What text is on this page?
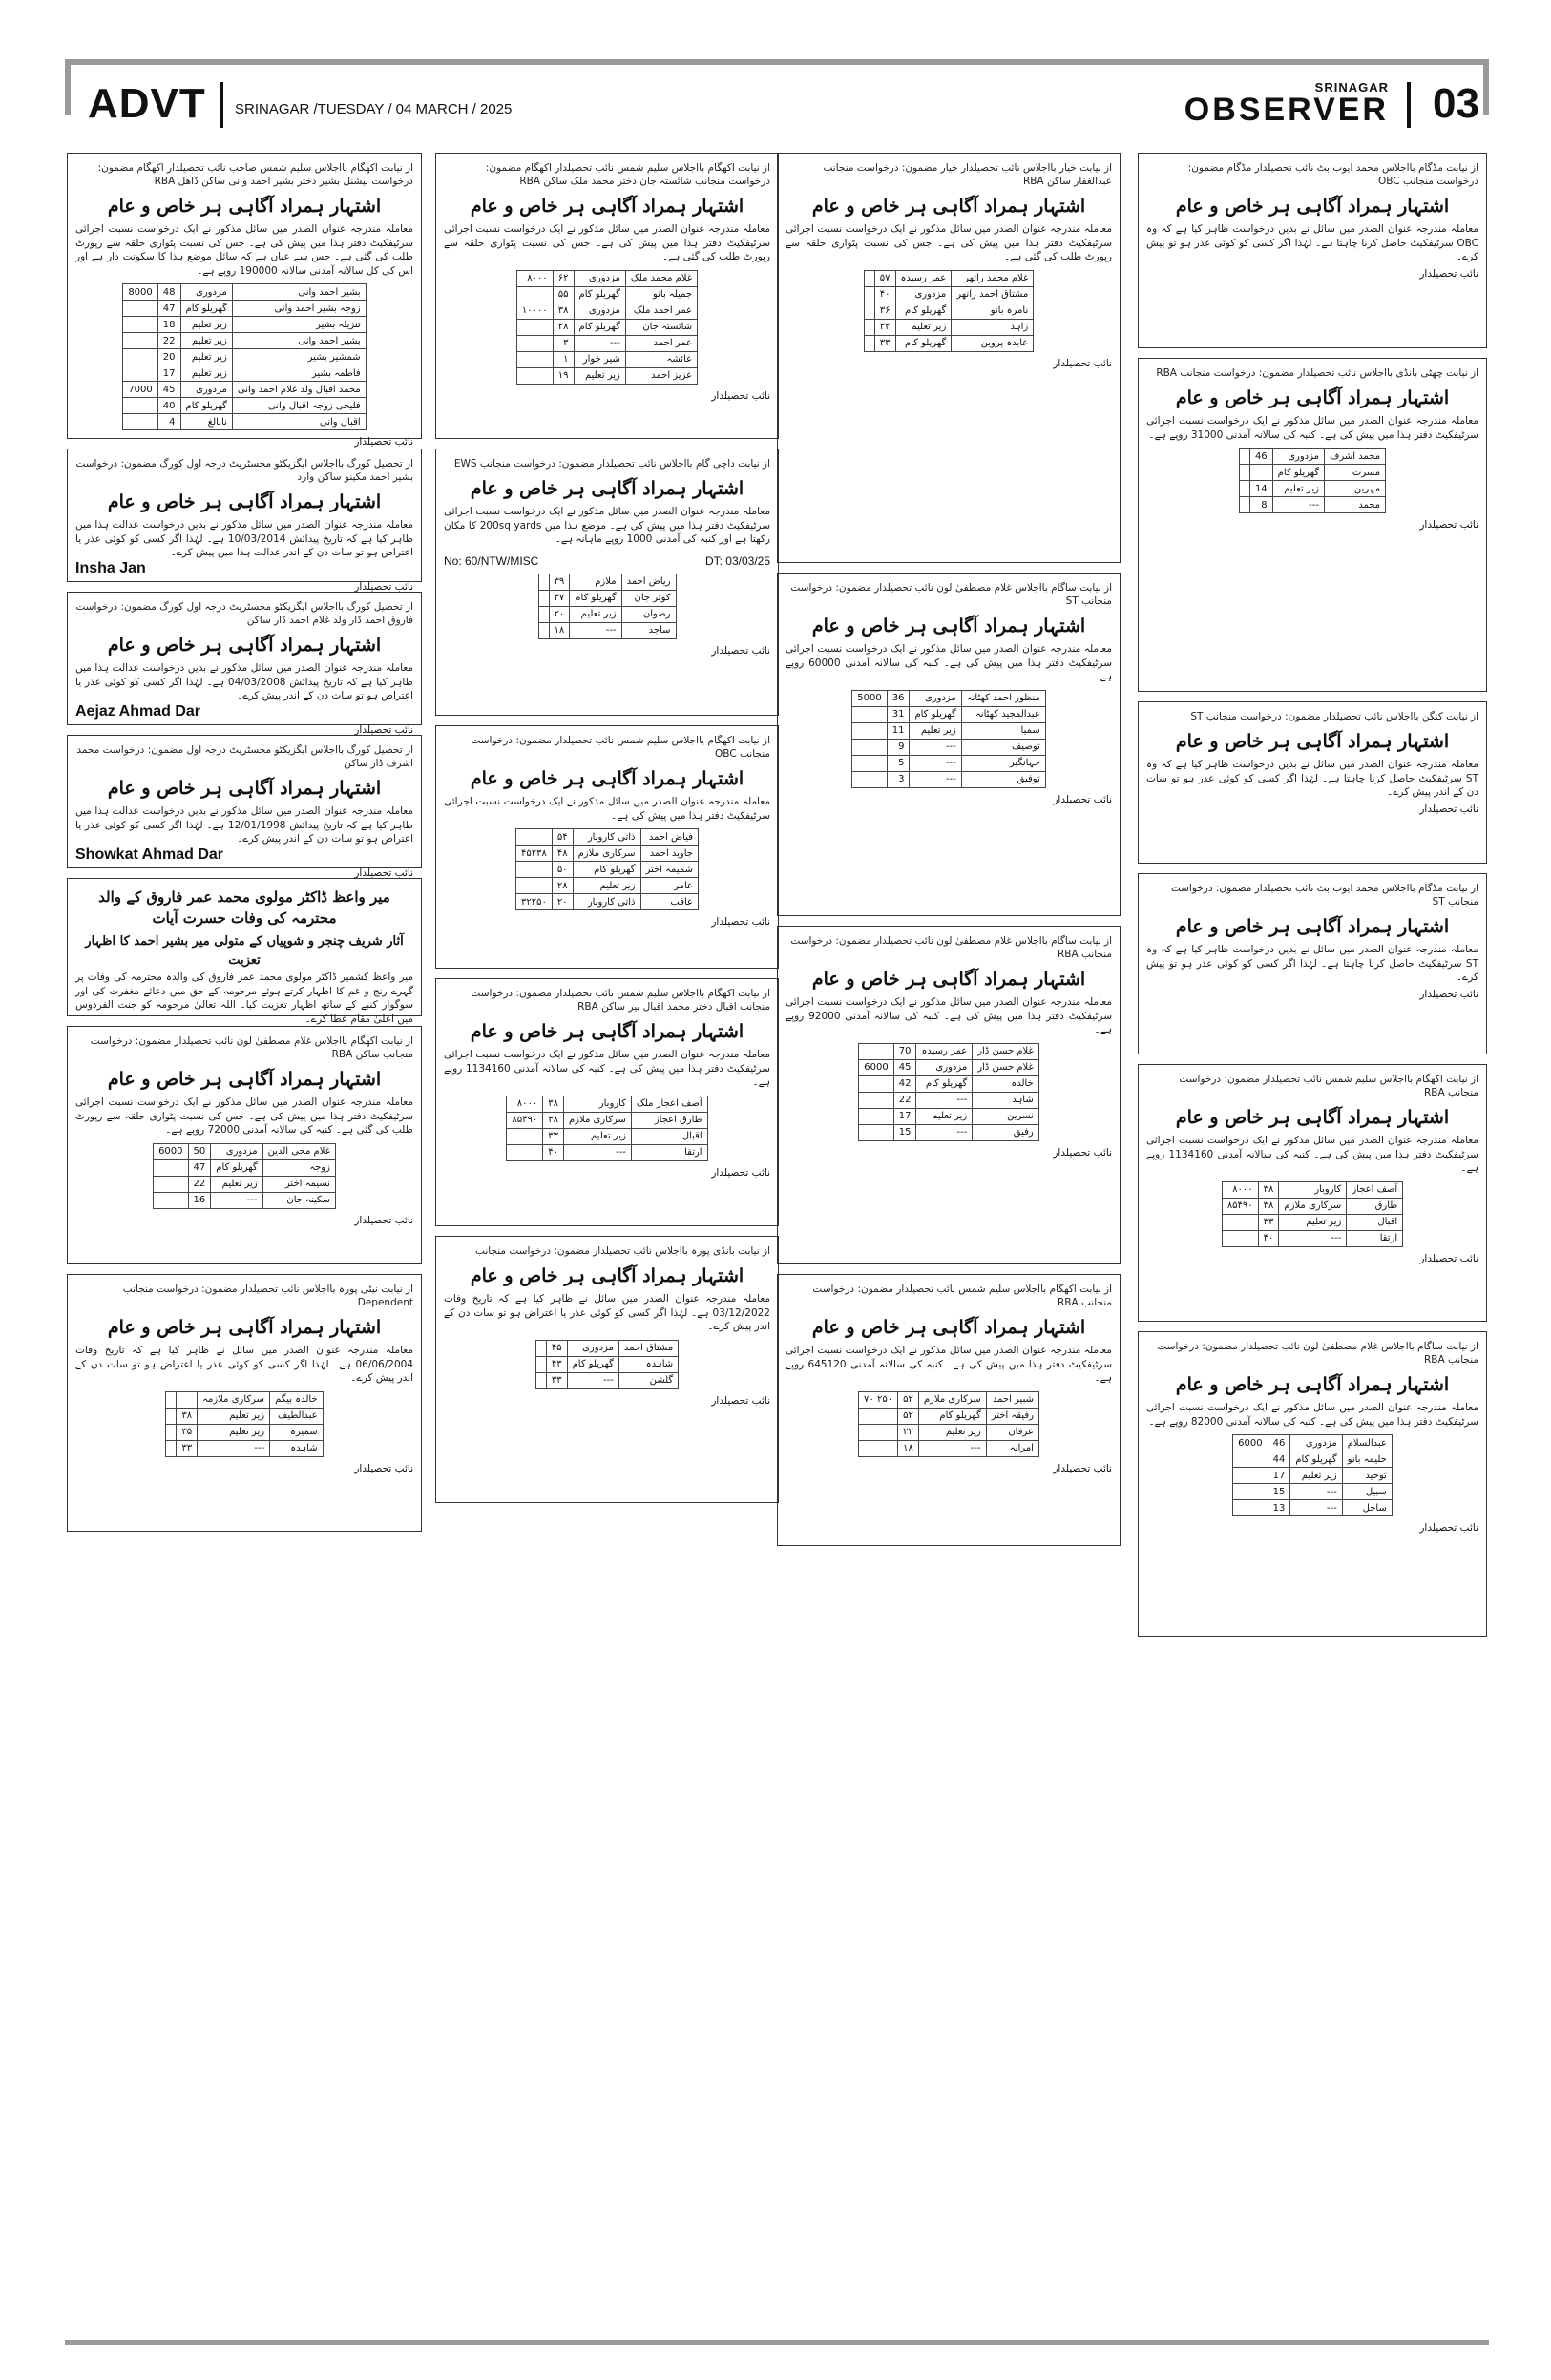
ADVT SRINAGAR /TUESDAY / 04 MARCH / 2025
SRINAGAR
OBSERVER 03
از نیابت اکھگام بااجلاس سلیم شمس صاحب نائب تحصیلدار اکھگام مضمون: درخواست نیشنل بشیر دختر بشیر احمد وانی ساکن ڈاھل RBA
اشتہار ہمراد آگاہی ہر خاص و عام
معاملہ مندرجہ عنوان الصدر میں سائل مذکور نے ایک درخواست نسبت اجرائی سرٹیفکیٹ دفتر ہذا میں پیش کی ہے۔ جس کی نسبت پٹواری حلقہ سے رپورٹ طلب کی گئی ہے۔ جس سے عیاں ہے کہ سائل موضع ہذا کا سکونت دار ہے اور اس کی کل سالانہ آمدنی سالانہ 190000 روپے ہے۔
بشیر احمد وانی	مزدوری	48	8000
زوجہ بشیر احمد وانی	گھریلو کام	47	
تنزیلہ بشیر	زیر تعلیم	18	
بشیر احمد وانی	زیر تعلیم	22	
شمشیر بشیر	زیر تعلیم	20	
فاطمہ بشیر	زیر تعلیم	17	
محمد اقبال ولد غلام احمد وانی	مزدوری	45	7000
فلیحی زوجہ اقبال وانی	گھریلو کام	40	
اقبال وانی	نابالغ	4	
نائب تحصیلدار
از تحصیل کورگ بااجلاس ایگزیکٹو مجسٹریٹ درجہ اول کورگ مضمون: درخواست بشیر احمد مکینو ساکن وارد
اشتہار ہمراد آگاہی ہر خاص و عام
معاملہ مندرجہ عنوان الصدر میں سائل مذکور نے بدیں درخواست عدالت ہذا میں ظاہر کیا ہے کہ تاریخ پیدائش 10/03/2014 ہے۔ لہٰذا اگر کسی کو کوئی عذر یا اعتراض ہو تو سات دن کے اندر عدالت ہذا میں پیش کرے۔
Insha Jan
نائب تحصیلدار
از تحصیل کورگ بااجلاس ایگزیکٹو مجسٹریٹ درجہ اول کورگ مضمون: درخواست فاروق احمد ڈار ولد غلام احمد ڈار ساکن
اشتہار ہمراد آگاہی ہر خاص و عام
معاملہ مندرجہ عنوان الصدر میں سائل مذکور نے بدیں درخواست عدالت ہذا میں ظاہر کیا ہے کہ تاریخ پیدائش 04/03/2008 ہے۔ لہٰذا اگر کسی کو کوئی عذر یا اعتراض ہو تو سات دن کے اندر پیش کرے۔
Aejaz Ahmad Dar
نائب تحصیلدار
از تحصیل کورگ بااجلاس ایگزیکٹو مجسٹریٹ درجہ اول مضمون: درخواست محمد اشرف ڈار ساکن
اشتہار ہمراد آگاہی ہر خاص و عام
معاملہ مندرجہ عنوان الصدر میں سائل مذکور نے بدیں درخواست عدالت ہذا میں ظاہر کیا ہے کہ تاریخ پیدائش 12/01/1998 ہے۔ لہٰذا اگر کسی کو کوئی عذر یا اعتراض ہو تو سات دن کے اندر پیش کرے۔
Showkat Ahmad Dar
نائب تحصیلدار
میر واعظ ڈاکٹر مولوی محمد عمر فاروق کے والد محترمہ کی وفات حسرت آیات
آثار شریف چنجر و شوپیاں کے متولی میر بشیر احمد کا اظہار تعزیت
میر واعظ کشمیر ڈاکٹر مولوی محمد عمر فاروق کی والدہ محترمہ کی وفات پر گہرے رنج و غم کا اظہار کرتے ہوئے مرحومہ کے حق میں دعائے مغفرت کی اور سوگوار کنبے کے ساتھ اظہار تعزیت کیا۔ اللہ تعالیٰ مرحومہ کو جنت الفردوس میں اعلیٰ مقام عطا کرے۔
از نیابت اکھگام بااجلاس غلام مصطفیٰ لون نائب تحصیلدار مضمون: درخواست منجانب ساکن RBA
اشتہار ہمراد آگاہی ہر خاص و عام
معاملہ مندرجہ عنوان الصدر میں سائل مذکور نے ایک درخواست نسبت اجرائی سرٹیفکیٹ دفتر ہذا میں پیش کی ہے۔ جس کی نسبت پٹواری حلقہ سے رپورٹ طلب کی گئی ہے۔ کنبہ کی سالانہ آمدنی 72000 روپے ہے۔
غلام محی الدین	مزدوری	50	6000
زوجہ	گھریلو کام	47	
نسیمہ اختر	زیر تعلیم	22	
سکینہ جان	---	16	
نائب تحصیلدار
از نیابت نیٹی پورہ بااجلاس نائب تحصیلدار مضمون: درخواست منجانب Dependent
اشتہار ہمراد آگاہی ہر خاص و عام
معاملہ مندرجہ عنوان الصدر میں سائل نے ظاہر کیا ہے کہ تاریخ وفات 06/06/2004 ہے۔ لہٰذا اگر کسی کو کوئی عذر یا اعتراض ہو تو سات دن کے اندر پیش کرے۔
خالدہ بیگم	سرکاری ملازمہ		
عبدالطیف	زیر تعلیم	۳۸	
سمیرہ	زیر تعلیم	۳۵	
شاہدہ	---	۳۳	
نائب تحصیلدار
از نیابت اکھگام بااجلاس سلیم شمس نائب تحصیلدار اکھگام مضمون: درخواست منجانب شائستہ جان دختر محمد ملک ساکن RBA
اشتہار ہمراد آگاہی ہر خاص و عام
معاملہ مندرجہ عنوان الصدر میں سائل مذکور نے ایک درخواست نسبت اجرائی سرٹیفکیٹ دفتر ہذا میں پیش کی ہے۔ جس کی نسبت پٹواری حلقہ سے رپورٹ طلب کی گئی ہے۔
غلام محمد ملک	مزدوری	۶۲	۸۰۰۰
جمیلہ بانو	گھریلو کام	۵۵	
عمر احمد ملک	مزدوری	۳۸	۱۰۰۰۰
شائستہ جان	گھریلو کام	۲۸	
عمر احمد	---	۳	
عائشہ	شیر خوار	۱	
عزیز احمد	زیر تعلیم	۱۹	
نائب تحصیلدار
از نیابت داچی گام بااجلاس نائب تحصیلدار مضمون: درخواست منجانب EWS
اشتہار ہمراد آگاہی ہر خاص و عام
معاملہ مندرجہ عنوان الصدر میں سائل مذکور نے ایک درخواست نسبت اجرائی سرٹیفکیٹ دفتر ہذا میں پیش کی ہے۔ موضع ہذا میں 200sq yards کا مکان رکھتا ہے اور کنبہ کی آمدنی 1000 روپے ماہانہ ہے۔
No: 60/NTW/MISC	DT: 03/03/25
ریاض احمد	ملازم	۳۹	
کوثر جان	گھریلو کام	۳۷	
رضوان	زیر تعلیم	۲۰	
ساجد	---	۱۸	
نائب تحصیلدار
از نیابت اکھگام بااجلاس سلیم شمس نائب تحصیلدار مضمون: درخواست منجانب OBC
اشتہار ہمراد آگاہی ہر خاص و عام
معاملہ مندرجہ عنوان الصدر میں سائل مذکور نے ایک درخواست نسبت اجرائی سرٹیفکیٹ دفتر ہذا میں پیش کی ہے۔
فیاض احمد	ذاتی کاروبار	۵۴	
جاوید احمد	سرکاری ملازم	۴۸	۴۵۲۳۸
شمیمہ اختر	گھریلو کام	۵۰	
عامر	زیر تعلیم	۲۸	
عاقب	ذاتی کاروبار	۲۰	۳۲۲۵۰
نائب تحصیلدار
از نیابت اکھگام بااجلاس سلیم شمس نائب تحصیلدار مضمون: درخواست منجانب اقبال دختر محمد اقبال بیر ساکن RBA
اشتہار ہمراد آگاہی ہر خاص و عام
معاملہ مندرجہ عنوان الصدر میں سائل مذکور نے ایک درخواست نسبت اجرائی سرٹیفکیٹ دفتر ہذا میں پیش کی ہے۔ کنبہ کی سالانہ آمدنی 1134160 روپے ہے۔
آصف اعجاز ملک	کاروبار	۳۸	۸۰۰۰
طارق اعجاز	سرکاری ملازم	۳۸	۸۵۴۹۰
اقبال	زیر تعلیم	۳۳	
ارتقا	---	۴۰	
نائب تحصیلدار
از نیابت بانڈی پورہ بااجلاس نائب تحصیلدار مضمون: درخواست منجانب
اشتہار ہمراد آگاہی ہر خاص و عام
معاملہ مندرجہ عنوان الصدر میں سائل نے ظاہر کیا ہے کہ تاریخ وفات 03/12/2022 ہے۔ لہٰذا اگر کسی کو کوئی عذر یا اعتراض ہو تو سات دن کے اندر پیش کرے۔
مشتاق احمد	مزدوری	۴۵	
شاہدہ	گھریلو کام	۴۳	
گلشن	---	۳۳	
نائب تحصیلدار
از نیابت خیار بااجلاس نائب تحصیلدار خیار مضمون: درخواست منجانب عبدالغفار ساکن RBA
اشتہار ہمراد آگاہی ہر خاص و عام
معاملہ مندرجہ عنوان الصدر میں سائل مذکور نے ایک درخواست نسبت اجرائی سرٹیفکیٹ دفتر ہذا میں پیش کی ہے۔ جس کی نسبت پٹواری حلقہ سے رپورٹ طلب کی گئی ہے۔
غلام محمد راتھر	عمر رسیدہ	۵۷	
مشتاق احمد راتھر	مزدوری	۴۰	
نامرہ بانو	گھریلو کام	۳۶	
زاہد	زیر تعلیم	۳۲	
عابدہ پروین	گھریلو کام	۳۳	
نائب تحصیلدار
از نیابت ساگام بااجلاس غلام مصطفیٰ لون نائب تحصیلدار مضمون: درخواست منجانب ST
اشتہار ہمراد آگاہی ہر خاص و عام
معاملہ مندرجہ عنوان الصدر میں سائل مذکور نے ایک درخواست نسبت اجرائی سرٹیفکیٹ دفتر ہذا میں پیش کی ہے۔ کنبہ کی سالانہ آمدنی 60000 روپے ہے۔
منظور احمد کھٹانہ	مزدوری	36	5000
عبدالمجید کھٹانہ	گھریلو کام	31	
سمیا	زیر تعلیم	11	
توصیف	---	9	
جہانگیر	---	5	
توفیق	---	3	
نائب تحصیلدار
از نیابت ساگام بااجلاس غلام مصطفیٰ لون نائب تحصیلدار مضمون: درخواست منجانب RBA
اشتہار ہمراد آگاہی ہر خاص و عام
معاملہ مندرجہ عنوان الصدر میں سائل مذکور نے ایک درخواست نسبت اجرائی سرٹیفکیٹ دفتر ہذا میں پیش کی ہے۔ کنبہ کی سالانہ آمدنی 92000 روپے ہے۔
غلام حسن ڈار	عمر رسیدہ	70	
غلام حسن ڈار	مزدوری	45	6000
خالدہ	گھریلو کام	42	
شاہد	---	22	
نسرین	زیر تعلیم	17	
رفیق	---	15	
نائب تحصیلدار
از نیابت اکھگام بااجلاس سلیم شمس نائب تحصیلدار مضمون: درخواست منجانب RBA
اشتہار ہمراد آگاہی ہر خاص و عام
معاملہ مندرجہ عنوان الصدر میں سائل مذکور نے ایک درخواست نسبت اجرائی سرٹیفکیٹ دفتر ہذا میں پیش کی ہے۔ کنبہ کی سالانہ آمدنی 645120 روپے ہے۔
شبیر احمد	سرکاری ملازم	۵۲	۲۵۰ ۷۰
رفیقہ اختر	گھریلو کام	۵۲	
عرفان	زیر تعلیم	۲۲	
امرانہ	---	۱۸	
نائب تحصیلدار
از نیابت مڈگام بااجلاس محمد ایوب بٹ نائب تحصیلدار مڈگام مضمون: درخواست منجانب OBC
اشتہار ہمراد آگاہی ہر خاص و عام
معاملہ مندرجہ عنوان الصدر میں سائل نے بدیں درخواست ظاہر کیا ہے کہ وہ OBC سرٹیفکیٹ حاصل کرنا چاہتا ہے۔ لہٰذا اگر کسی کو کوئی عذر ہو تو پیش کرے۔
نائب تحصیلدار
از نیابت چھٹی بانڈی بااجلاس نائب تحصیلدار مضمون: درخواست منجانب RBA
اشتہار ہمراد آگاہی ہر خاص و عام
معاملہ مندرجہ عنوان الصدر میں سائل مذکور نے ایک درخواست نسبت اجرائی سرٹیفکیٹ دفتر ہذا میں پیش کی ہے۔ کنبہ کی سالانہ آمدنی 31000 روپے ہے۔
محمد اشرف	مزدوری	46	
مسرت	گھریلو کام		
مہرین	زیر تعلیم	14	
محمد	---	8	
نائب تحصیلدار
از نیابت کنگن بااجلاس نائب تحصیلدار مضمون: درخواست منجانب ST
اشتہار ہمراد آگاہی ہر خاص و عام
معاملہ مندرجہ عنوان الصدر میں سائل نے بدیں درخواست ظاہر کیا ہے کہ وہ ST سرٹیفکیٹ حاصل کرنا چاہتا ہے۔ لہٰذا اگر کسی کو کوئی عذر ہو تو سات دن کے اندر پیش کرے۔
نائب تحصیلدار
از نیابت مڈگام بااجلاس محمد ایوب بٹ نائب تحصیلدار مضمون: درخواست منجانب ST
اشتہار ہمراد آگاہی ہر خاص و عام
معاملہ مندرجہ عنوان الصدر میں سائل نے بدیں درخواست ظاہر کیا ہے کہ وہ ST سرٹیفکیٹ حاصل کرنا چاہتا ہے۔ لہٰذا اگر کسی کو کوئی عذر ہو تو پیش کرے۔
نائب تحصیلدار
از نیابت اکھگام بااجلاس سلیم شمس نائب تحصیلدار مضمون: درخواست منجانب RBA
اشتہار ہمراد آگاہی ہر خاص و عام
معاملہ مندرجہ عنوان الصدر میں سائل مذکور نے ایک درخواست نسبت اجرائی سرٹیفکیٹ دفتر ہذا میں پیش کی ہے۔ کنبہ کی سالانہ آمدنی 1134160 روپے ہے۔
آصف اعجاز	کاروبار	۳۸	۸۰۰۰
طارق	سرکاری ملازم	۳۸	۸۵۴۹۰
اقبال	زیر تعلیم	۳۳	
ارتقا	---	۴۰	
نائب تحصیلدار
از نیابت ساگام بااجلاس غلام مصطفیٰ لون نائب تحصیلدار مضمون: درخواست منجانب RBA
اشتہار ہمراد آگاہی ہر خاص و عام
معاملہ مندرجہ عنوان الصدر میں سائل مذکور نے ایک درخواست نسبت اجرائی سرٹیفکیٹ دفتر ہذا میں پیش کی ہے۔ کنبہ کی سالانہ آمدنی 82000 روپے ہے۔
عبدالسلام	مزدوری	46	6000
حلیمہ بانو	گھریلو کام	44	
توحید	زیر تعلیم	17	
سبیل	---	15	
ساحل	---	13	
نائب تحصیلدار
